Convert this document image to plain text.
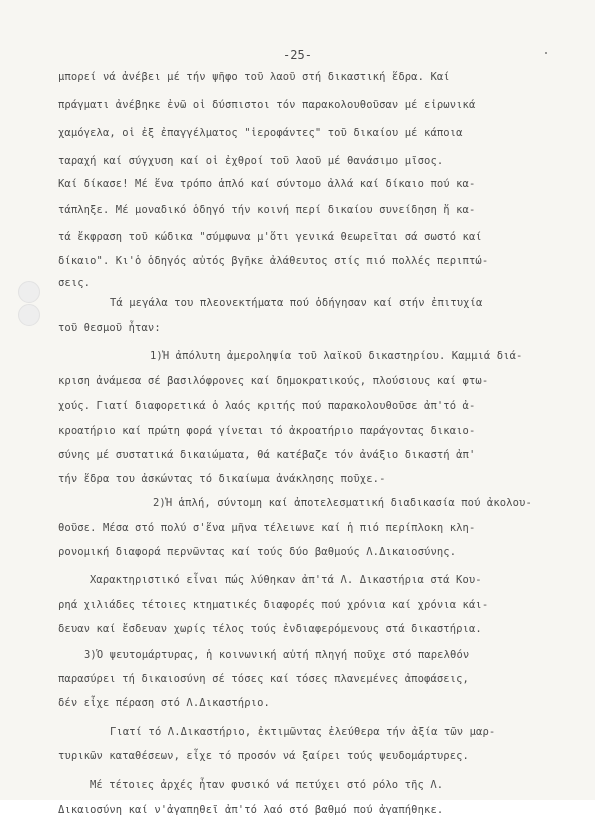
-25-
μπορεί νά ἀνέβει μέ τήν ψῆφο τοῦ λαοῦ στή δικαστική ἕδρα. Καί
πράγματι ἀνέβηκε ἐνῶ οἱ δύσπιστοι τόν παρακολουθοῦσαν μέ εἰρωνικά
χαμόγελα, οἱ ἐξ ἐπαγγέλματος "ἱεροφάντες" τοῦ δικαίου μέ κάποια
ταραχή καί σύγχυση καί οἱ ἐχθροί τοῦ λαοῦ μέ θανάσιμο μῖσος.
Καί δίκασε! Μέ ἕνα τρόπο ἁπλό καί σύντομο ἀλλά καί δίκαιο πού κα-
τάπληξε. Μέ μοναδικό ὁδηγό τήν κοινή περί δικαίου συνείδηση ἤ κα-
τά ἔκφραση τοῦ κώδικα "σύμφωνα μ'ὅτι γενικά θεωρεῖται σά σωστό καί
δίκαιο". Κι'ὁ ὁδηγός αὐτός βγῆκε ἀλάθευτος στίς πιό πολλές περιπτώ-
σεις.
Τά μεγάλα του πλεονεκτήματα πού ὁδήγησαν καί στήν ἐπιτυχία
τοῦ θεσμοῦ ἦταν:
1)Ἡ ἀπόλυτη ἀμεροληψία τοῦ λαϊκοῦ δικαστηρίου. Καμμιά διά-
κριση ἀνάμεσα σέ βασιλόφρονες καί δημοκρατικούς, πλούσιους καί φτω-
χούς. Γιατί διαφορετικά ὁ λαός κριτής πού παρακολουθοῦσε ἀπ'τό ἀ-
κροατήριο καί πρώτη φορά γίνεται τό ἀκροατήριο παράγοντας δικαιο-
σύνης μέ συστατικά δικαιώματα, θά κατέβαζε τόν ἀνάξιο δικαστή ἀπ'
τήν ἕδρα του ἀσκώντας τό δικαίωμα ἀνάκλησης ποῦχε.-
2)Ἡ ἁπλή, σύντομη καί ἀποτελεσματική διαδικασία πού ἀκολου-
θοῦσε. Μέσα στό πολύ σ'ἕνα μῆνα τέλειωνε καί ἡ πιό περίπλοκη κλη-
ρονομική διαφορά περνῶντας καί τούς δύο βαθμούς Λ.Δικαιοσύνης.
Χαρακτηριστικό εἶναι πώς λύθηκαν ἀπ'τά Λ. Δικαστήρια στά Κου-
ρηά χιλιάδες τέτοιες κτηματικές διαφορές πού χρόνια καί χρόνια κάι-
δευαν καί ἔσδευαν χωρίς τέλος τούς ἐνδιαφερόμενους στά δικαστήρια.
3)Ὁ ψευτομάρτυρας, ἡ κοινωνική αὐτή πληγή ποῦχε στό παρελθόν
παρασύρει τή δικαιοσύνη σέ τόσες καί τόσες πλανεμένες ἀποφάσεις,
δέν εἶχε πέραση στό Λ.Δικαστήριο.
Γιατί τό Λ.Δικαστήριο, ἐκτιμῶντας ἐλεύθερα τήν ἀξία τῶν μαρ-
τυρικῶν καταθέσεων, εἶχε τό προσόν νά ξαίρει τούς ψευδομάρτυρες.
Μέ τέτοιες ἀρχές ἦταν φυσικό νά πετύχει στό ρόλο τῆς Λ.
Δικαιοσύνη καί ν'ἀγαπηθεῖ ἀπ'τό λαό στό βαθμό πού ἀγαπήθηκε.
